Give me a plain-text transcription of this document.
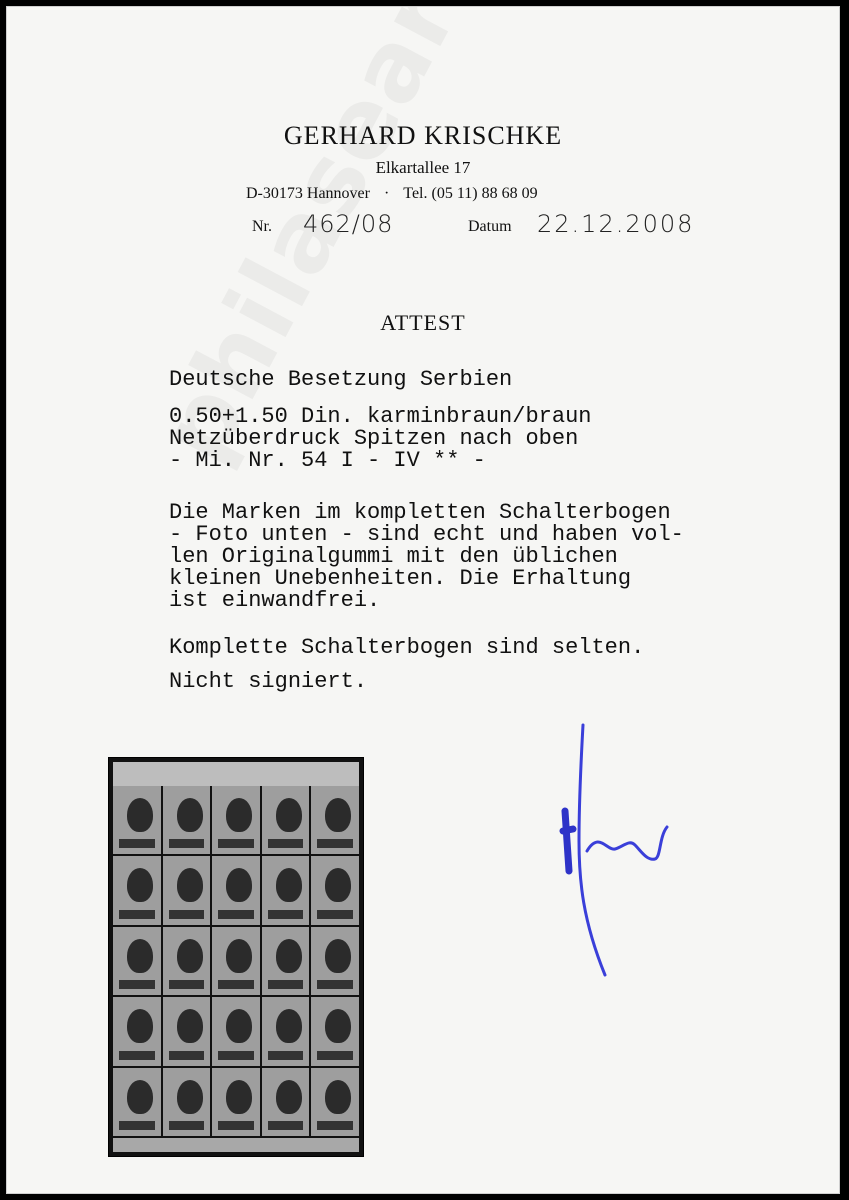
GERHARD KRISCHKE
Elkartallee 17
D-30173 Hannover · Tel. (05 11) 88 68 09
Nr. 462/08	Datum 22.12.2008
ATTEST
Deutsche Besetzung Serbien
0.50+1.50 Din. karminbraun/braun
Netzüberdruck Spitzen nach oben
- Mi. Nr. 54 I - IV ** -
Die Marken im kompletten Schalterbogen
- Foto unten - sind echt und haben vol-
len Originalgummi mit den üblichen
kleinen Unebenheiten. Die Erhaltung
ist einwandfrei.
Komplette Schalterbogen sind selten.
Nicht signiert.
